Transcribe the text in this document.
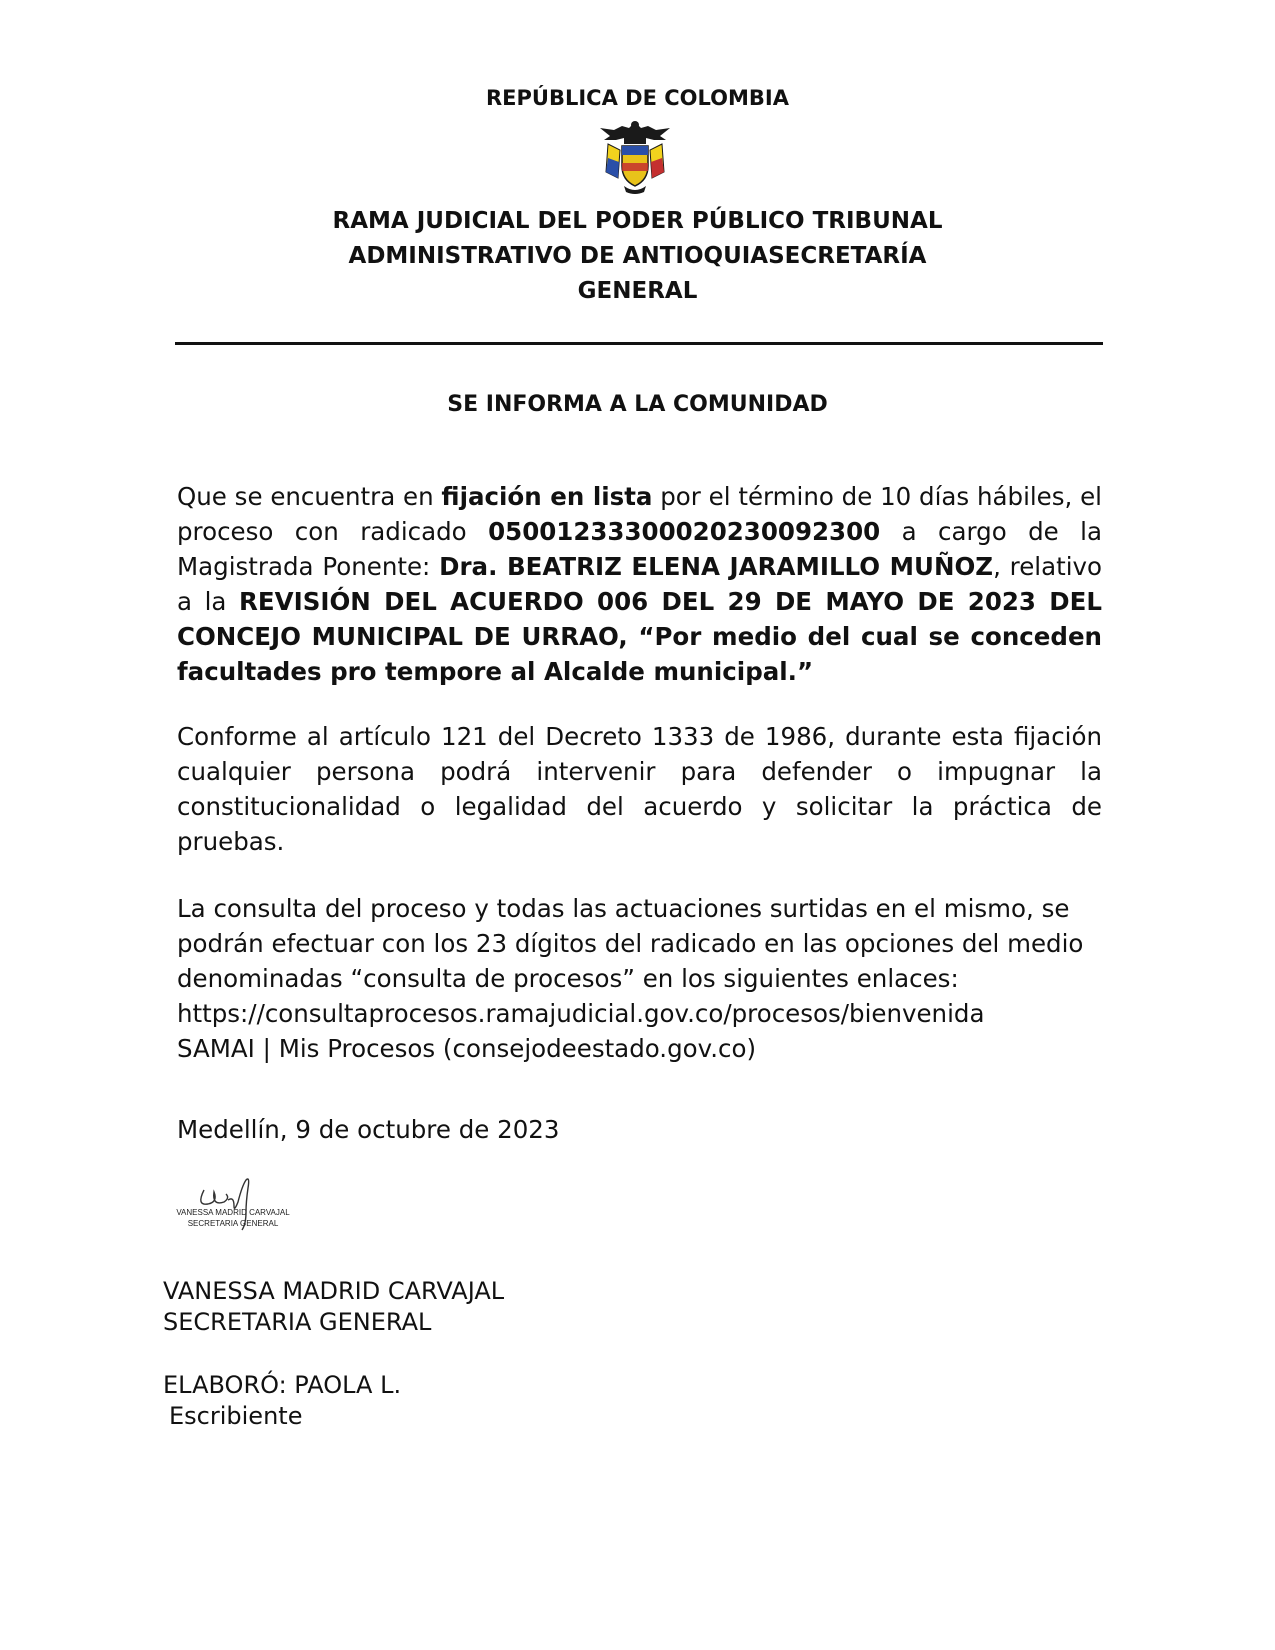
REPÚBLICA DE COLOMBIA
RAMA JUDICIAL DEL PODER PÚBLICO TRIBUNAL
ADMINISTRATIVO DE ANTIOQUIASECRETARÍA
GENERAL
SE INFORMA A LA COMUNIDAD

Que se encuentra en fijación en lista por el término de 10 días hábiles, el proceso con radicado 05001233300020230092300 a cargo de la Magistrada Ponente: Dra. BEATRIZ ELENA JARAMILLO MUÑOZ, relativo a la REVISIÓN DEL ACUERDO 006 DEL 29 DE MAYO DE 2023 DEL CONCEJO MUNICIPAL DE URRAO, “Por medio del cual se conceden facultades pro tempore al Alcalde municipal.”

Conforme al artículo 121 del Decreto 1333 de 1986, durante esta fijación cualquier persona podrá intervenir para defender o impugnar la constitucionalidad o legalidad del acuerdo y solicitar la práctica de pruebas.

La consulta del proceso y todas las actuaciones surtidas en el mismo, se podrán efectuar con los 23 dígitos del radicado en las opciones del medio denominadas “consulta de procesos” en los siguientes enlaces:
https://consultaprocesos.ramajudicial.gov.co/procesos/bienvenida
SAMAI | Mis Procesos (consejodeestado.gov.co)

Medellín, 9 de octubre de 2023

VANESSA MADRID CARVAJAL
SECRETARIA GENERAL

VANESSA MADRID CARVAJAL

SECRETARIA GENERAL

ELABORÓ: PAOLA L.

Escribiente
